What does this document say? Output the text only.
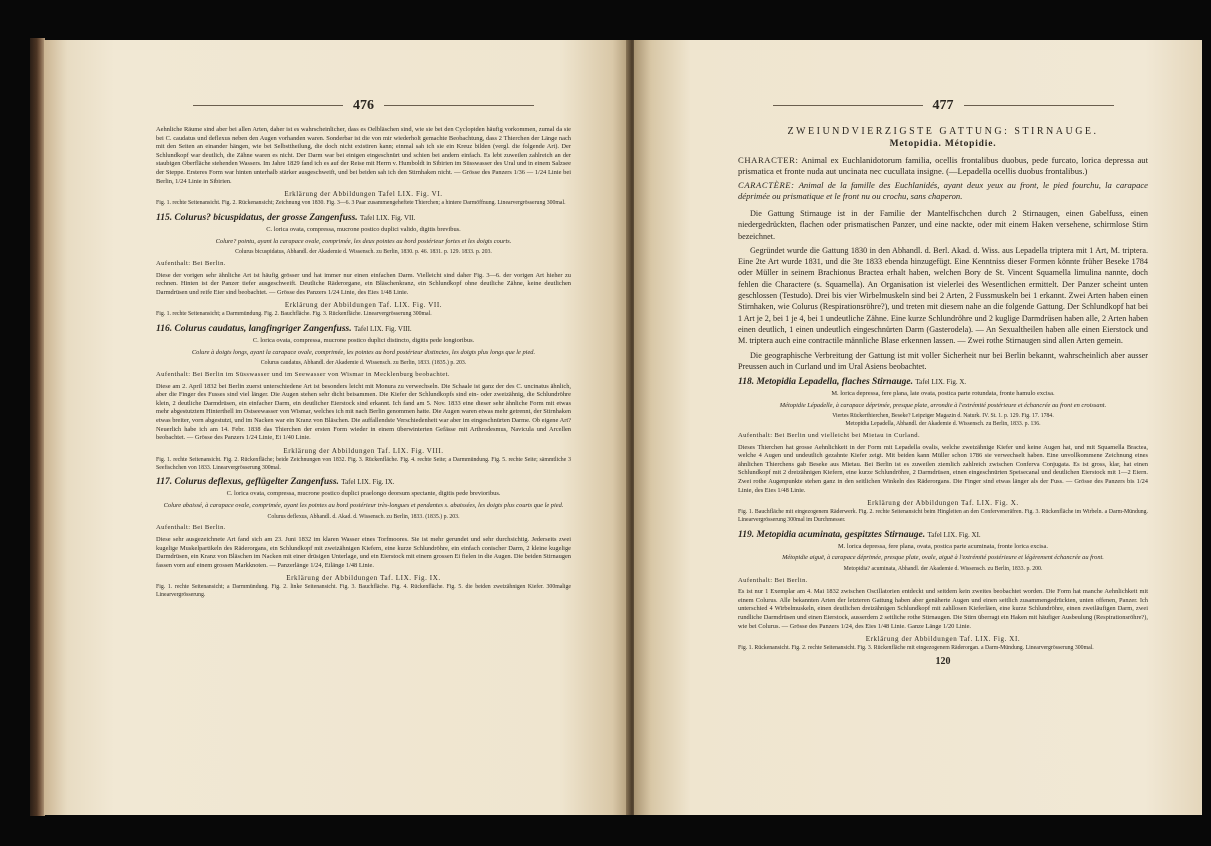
476

Aehnliche Räume sind aber bei allen Arten, daher ist es wahrscheinlicher, dass es Oelbläschen sind, wie sie bei den Cyclopiden häufig vorkommen, zumal da sie bei C. caudatus und deflexus neben den Augen vorhanden waren. Sonderbar ist die von mir wiederholt gemachte Beobachtung, dass 2 Thierchen der Länge nach mit den Seiten an einander hängen, wie bei Selbsttheilung, die doch nicht existiren kann; einmal sah ich sie ein Kreuz bilden (vergl. die folgende Art). Der Schlundkopf war deutlich, die Zähne waren es nicht. Der Darm war bei einigen eingeschnürt und schien bei andern einfach. Es lebt zuweilen zahlreich an der staubigen Oberfläche stehenden Wassers. Im Jahre 1829 fand ich es auf der Reise mit Herrn v. Humboldt in Sibirien im Süsswasser des Ural und in einem Salzsee der Steppe. Ersteres Form war hinten unterhalb stärker ausgeschweift, und bei beiden sah ich den Stirnhaken nicht. — Grösse des Panzers 1/36 — 1/24 Linie bei Berlin, 1/24 Linie in Sibirien.

Erklärung der Abbildungen Tafel LIX. Fig. VI.

Fig. 1. rechte Seitenansicht. Fig. 2. Rückenansicht; Zeichnung von 1830. Fig. 3—6. 3 Paar zusammengeheftete Thierchen; a hintere Darmöffnung. Linearvergrösserung 300mal.

115. Colurus? bicuspidatus, der grosse Zangenfuss. Tafel LIX. Fig. VII.

C. lorica ovata, compressa, mucrone postico duplici valido, digitis brevibus.

Colure? pointu, ayant la carapace ovale, comprimée, les deux pointes au bord postérieur fortes et les doigts courts.

Colurus bicuspidatus, Abhandl. der Akademie d. Wissensch. zu Berlin, 1830. p. 46. 1831. p. 129. 1833. p. 203.

Aufenthalt: Bei Berlin.

Diese der vorigen sehr ähnliche Art ist häufig grösser und hat immer nur einen einfachen Darm. Vielleicht sind daher Fig. 3—6. der vorigen Art hieher zu rechnen. Hinten ist der Panzer tiefer ausgeschweift. Deutliche Räderorgane, ein Bläschenkranz, ein Schlundkopf ohne deutliche Zähne, keine deutlichen Darmdrüsen und reife Eier sind beobachtet. — Grösse des Panzers 1/24 Linie, des Eies 1/48 Linie.

Erklärung der Abbildungen Taf. LIX. Fig. VII.

Fig. 1. rechte Seitenansicht; a Darmmündung. Fig. 2. Bauchfläche. Fig. 3. Rückenfläche. Linearvergrösserung 300mal.

116. Colurus caudatus, langfingriger Zangenfuss. Tafel LIX. Fig. VIII.

C. lorica ovata, compressa, mucrone postico duplici distincto, digitis pede longioribus.

Colure à doigts longs, ayant la carapace ovale, comprimée, les pointes au bord postérieur distinctes, les doigts plus longs que le pied.

Colurus caudatus, Abhandl. der Akademie d. Wissensch. zu Berlin, 1833. (1835.) p. 203.

Aufenthalt: Bei Berlin im Süsswasser und im Seewasser von Wismar in Mecklenburg beobachtet.

Diese am 2. April 1832 bei Berlin zuerst unterschiedene Art ist besonders leicht mit Monura zu verwechseln. Die Schaale ist ganz der des C. uncinatus ähnlich, aber die Finger des Fusses sind viel länger. Die Augen stehen sehr dicht beisammen. Die Kiefer der Schlundkopfs sind ein- oder zweizähnig, die Schlundröhre klein, 2 deutliche Darmdrüsen, ein einfacher Darm, ein deutlicher Eierstock sind erkannt. Ich fand am 5. Nov. 1833 eine dieser sehr ähnliche Form mit etwas mehr abgestutztem Hinterthell im Ostseewasser von Wismar, welches ich mit nach Berlin genommen hatte. Die Augen waren etwas mehr getrennt, der Stirnhaken etwas breiter, vorn abgestutzt, und im Nacken war ein Kranz von Bläschen. Die auffallendste Verschiedenheit war aber im eingeschnürten Darme. Ob eigene Art? Neuerlich habe ich am 14. Febr. 1838 das Thierchen der ersten Form wieder in einem überwinterten Gefässe mit Arthrodesmus, Navicula und Arcellen beobachtet. — Grösse des Panzers 1/24 Linie, Ei 1/40 Linie.

Erklärung der Abbildungen Taf. LIX. Fig. VIII.

Fig. 1. rechte Seitenansicht. Fig. 2. Rückenfläche; beide Zeichnungen von 1832. Fig. 3. Rückenfläche. Fig. 4. rechte Seite; a Darmmündung. Fig. 5. rechte Seite; sämmtliche 3 Seefischchen von 1833. Linearvergrösserung 300mal.

117. Colurus deflexus, geflügelter Zangenfuss. Tafel LIX. Fig. IX.

C. lorica ovata, compressa, mucrone postico duplici praelongo deorsum spectante, digitis pede brevioribus.

Colure abaissé, à carapace ovale, comprimée, ayant les pointes au bord postérieur très-longues et pendantes s. abaissées, les doigts plus courts que le pied.

Colurus deflexus, Abhandl. d. Akad. d. Wissensch. zu Berlin, 1833. (1835.) p. 203.

Aufenthalt: Bei Berlin.

Diese sehr ausgezeichnete Art fand sich am 23. Juni 1832 im klaren Wasser eines Torfmoores. Sie ist mehr gerundet und sehr durchsichtig. Jederseits zwei kugelige Muskelpartikeln des Räderorgans, ein Schlundkopf mit zweizähnigen Kiefern, eine kurze Schlundröhre, ein einfach conischer Darm, 2 kleine kugelige Darmdrüsen, ein Kranz von Bläschen im Nacken mit einer drüsigen Unterlage, und ein Eierstock mit einem grossen Ei fielen in die Augen. Die beiden Stirnaugen fassen vorn auf einem grossen Markknoten. — Panzerlänge 1/24, Eilänge 1/48 Linie.

Erklärung der Abbildungen Taf. LIX. Fig. IX.

Fig. 1. rechte Seitenansicht; a Darmmündung. Fig. 2. linke Seitenansicht. Fig. 3. Bauchfläche. Fig. 4. Rückenfläche. Fig. 5. die beiden zweizähnigen Kiefer. 300malige Linearvergrösserung.

477

ZWEIUNDVIERZIGSTE GATTUNG: STIRNAUGE.

Metopidia. Métopidie.

CHARACTER: Animal ex Euchlanidotorum familia, ocellis frontalibus duobus, pede furcato, lorica depressa aut prismatica et fronte nuda aut uncinata nec cucullata insigne. (—Lepadella ocellis duobus frontalibus.)

CARACTÈRE: Animal de la famille des Euchlanidés, ayant deux yeux au front, le pied fourchu, la carapace déprimée ou prismatique et le front nu ou crochu, sans chaperon.

Die Gattung Stirnauge ist in der Familie der Mantelfischchen durch 2 Stirnaugen, einen Gabelfuss, einen niedergedrückten, flachen oder prismatischen Panzer, und eine nackte, oder mit einem Haken versehene, schirmlose Stirn bezeichnet.

Gegründet wurde die Gattung 1830 in den Abhandl. d. Berl. Akad. d. Wiss. aus Lepadella triptera mit 1 Art, M. triptera. Eine 2te Art wurde 1831, und die 3te 1833 ebenda hinzugefügt. Eine Kenntniss dieser Formen könnte früher Beseke 1784 oder Müller in seinem Brachionus Bractea erhalt haben, welchen Bory de St. Vincent Squamella limulina nannte, doch fehlen die Charactere (s. Squamella). An Organisation ist vielerlei des Wesentlichen ermittelt. Der Panzer scheint unten geschlossen (Testudo). Drei bis vier Wirbelmuskeln sind bei 2 Arten, 2 Fussmuskeln bei 1 erkannt. Zwei Arten haben einen Stirnhaken, wie Colurus (Respirationsröhre?), und treten mit diesem nahe an die folgende Gattung. Der Schlundkopf hat bei 1 Art je 2, bei 1 je 4, bei 1 undeutliche Zähne. Eine kurze Schlundröhre und 2 kuglige Darmdrüsen haben alle, 2 Arten haben einen deutlich, 1 einen undeutlich eingeschnürten Darm (Gasterodela). — An Sexualtheilen haben alle einen Eierstock und M. triptera auch eine contractile männliche Blase erkennen lassen. — Zwei rothe Stirnaugen sind allen Arten gemein.

Die geographische Verbreitung der Gattung ist mit voller Sicherheit nur bei Berlin bekannt, wahrscheinlich aber ausser Preussen auch in Curland und im Ural Asiens beobachtet.

118. Metopidia Lepadella, flaches Stirnauge. Tafel LIX. Fig. X.

M. lorica depressa, fere plana, late ovata, postica parte rotundata, fronte hamulo excisa.

Métopidie Lépadelle, à carapace déprimée, presque plate, arrondie à l'extrémité postérieure et échancrée au front en croissant.

Viertes Rückerthierchen, Beseke? Leipziger Magazin d. Naturk. IV. St. 1. p. 129. Fig. 17. 1784.

Metopidia Lepadella, Abhandl. der Akademie d. Wissensch. zu Berlin, 1833. p. 136.

Aufenthalt: Bei Berlin und vielleicht bei Mietau in Curland.

Dieses Thierchen hat grosse Aehnlichkeit in der Form mit Lepadella ovalis, welche zweizähnige Kiefer und keine Augen hat, und mit Squamella Bractea, welche 4 Augen und undeutlich gezahnte Kiefer zeigt. Mit beiden kann Müller schon 1786 sie verwechselt haben. Eine unvollkommene Zeichnung eines ähnlichen Thierchens gab Beseke aus Mietau. Bei Berlin ist es zuweilen ziemlich zahlreich zwischen Conferva Conjugata. Es ist gross, klar, hat einen Schlundkopf mit 2 dreizähnigen Kiefern, eine kurze Schlundröhre, 2 Darmdrüsen, einen eingeschnürten Speisecanal und deutlichen Eierstock mit 1—2 Eiern. Zwei rothe Augenpunkte stehen ganz in den seitlichen Winkeln des Räderorgans. Die Finger sind etwas länger als der Fuss. — Grösse des Panzers bis 1/24 Linie, des Eies 1/48 Linie.

Erklärung der Abbildungen Taf. LIX. Fig. X.

Fig. 1. Bauchfläche mit eingezogenem Räderwerk. Fig. 2. rechte Seitenansicht beim Hingleiten an den Conferveneräfren. Fig. 3. Rückenfläche im Wirbeln. a Darm-Mündung. Linearvergrösserung 300mal im Durchmesser.

119. Metopidia acuminata, gespitztes Stirnauge. Tafel LIX. Fig. XI.

M. lorica depressa, fere plana, ovata, postica parte acuminata, fronte lorica excisa.

Métopidie aiguë, à carapace déprimée, presque plate, ovale, aiguë à l'extrémité postérieure et légèrement échancrée au front.

Metopidia? acuminata, Abhandl. der Akademie d. Wissensch. zu Berlin, 1833. p. 200.

Aufenthalt: Bei Berlin.

Es ist nur 1 Exemplar am 4. Mai 1832 zwischen Oscillatorien entdeckt und seitdem kein zweites beobachtet worden. Die Form hat manche Aehnlichkeit mit einem Colurus. Alle bekannten Arten der letzteren Gattung haben aber genäherte Augen und einen seitlich zusammengedrückten, unten offenen, Panzer. Ich unterschied 4 Wirbelmuskeln, einen deutlichen dreizähnigen Schlundkopf mit zahllosen Kieferläen, eine kurze Schlundröhre, einen zweiläufigen Darm, zwei rundliche Darmdrüsen und einen Eierstock, ausserdem 2 seitliche rothe Stirnaugen. Die Stirn überragt ein Haken mit häufiger Ausbeulung (Respirationsröhre?), wie bei Colurus. — Grösse des Panzers 1/24, des Eies 1/48 Linie. Ganze Länge 1/20 Linie.

Erklärung der Abbildungen Taf. LIX. Fig. XI.

Fig. 1. Rückenansicht. Fig. 2. rechte Seitenansicht. Fig. 3. Rückenfläche mit eingezogenem Räderorgan. a Darm-Mündung. Linearvergrösserung 300mal.

120
